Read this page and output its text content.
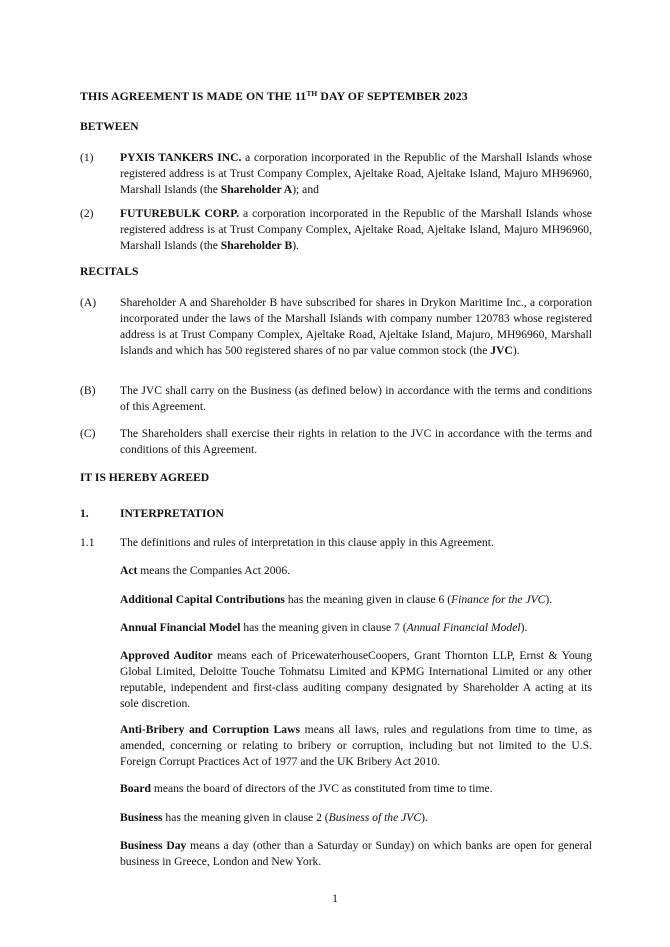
THIS AGREEMENT IS MADE ON THE 11TH DAY OF SEPTEMBER 2023
BETWEEN
(1) PYXIS TANKERS INC. a corporation incorporated in the Republic of the Marshall Islands whose registered address is at Trust Company Complex, Ajeltake Road, Ajeltake Island, Majuro MH96960, Marshall Islands (the Shareholder A); and
(2) FUTUREBULK CORP. a corporation incorporated in the Republic of the Marshall Islands whose registered address is at Trust Company Complex, Ajeltake Road, Ajeltake Island, Majuro MH96960, Marshall Islands (the Shareholder B).
RECITALS
(A) Shareholder A and Shareholder B have subscribed for shares in Drykon Maritime Inc., a corporation incorporated under the laws of the Marshall Islands with company number 120783 whose registered address is at Trust Company Complex, Ajeltake Road, Ajeltake Island, Majuro, MH96960, Marshall Islands and which has 500 registered shares of no par value common stock (the JVC).
(B) The JVC shall carry on the Business (as defined below) in accordance with the terms and conditions of this Agreement.
(C) The Shareholders shall exercise their rights in relation to the JVC in accordance with the terms and conditions of this Agreement.
IT IS HEREBY AGREED
1.	INTERPRETATION
1.1 The definitions and rules of interpretation in this clause apply in this Agreement.
Act means the Companies Act 2006.
Additional Capital Contributions has the meaning given in clause 6 (Finance for the JVC).
Annual Financial Model has the meaning given in clause 7 (Annual Financial Model).
Approved Auditor means each of PricewaterhouseCoopers, Grant Thornton LLP, Ernst & Young Global Limited, Deloitte Touche Tohmatsu Limited and KPMG International Limited or any other reputable, independent and first-class auditing company designated by Shareholder A acting at its sole discretion.
Anti-Bribery and Corruption Laws means all laws, rules and regulations from time to time, as amended, concerning or relating to bribery or corruption, including but not limited to the U.S. Foreign Corrupt Practices Act of 1977 and the UK Bribery Act 2010.
Board means the board of directors of the JVC as constituted from time to time.
Business has the meaning given in clause 2 (Business of the JVC).
Business Day means a day (other than a Saturday or Sunday) on which banks are open for general business in Greece, London and New York.
1
